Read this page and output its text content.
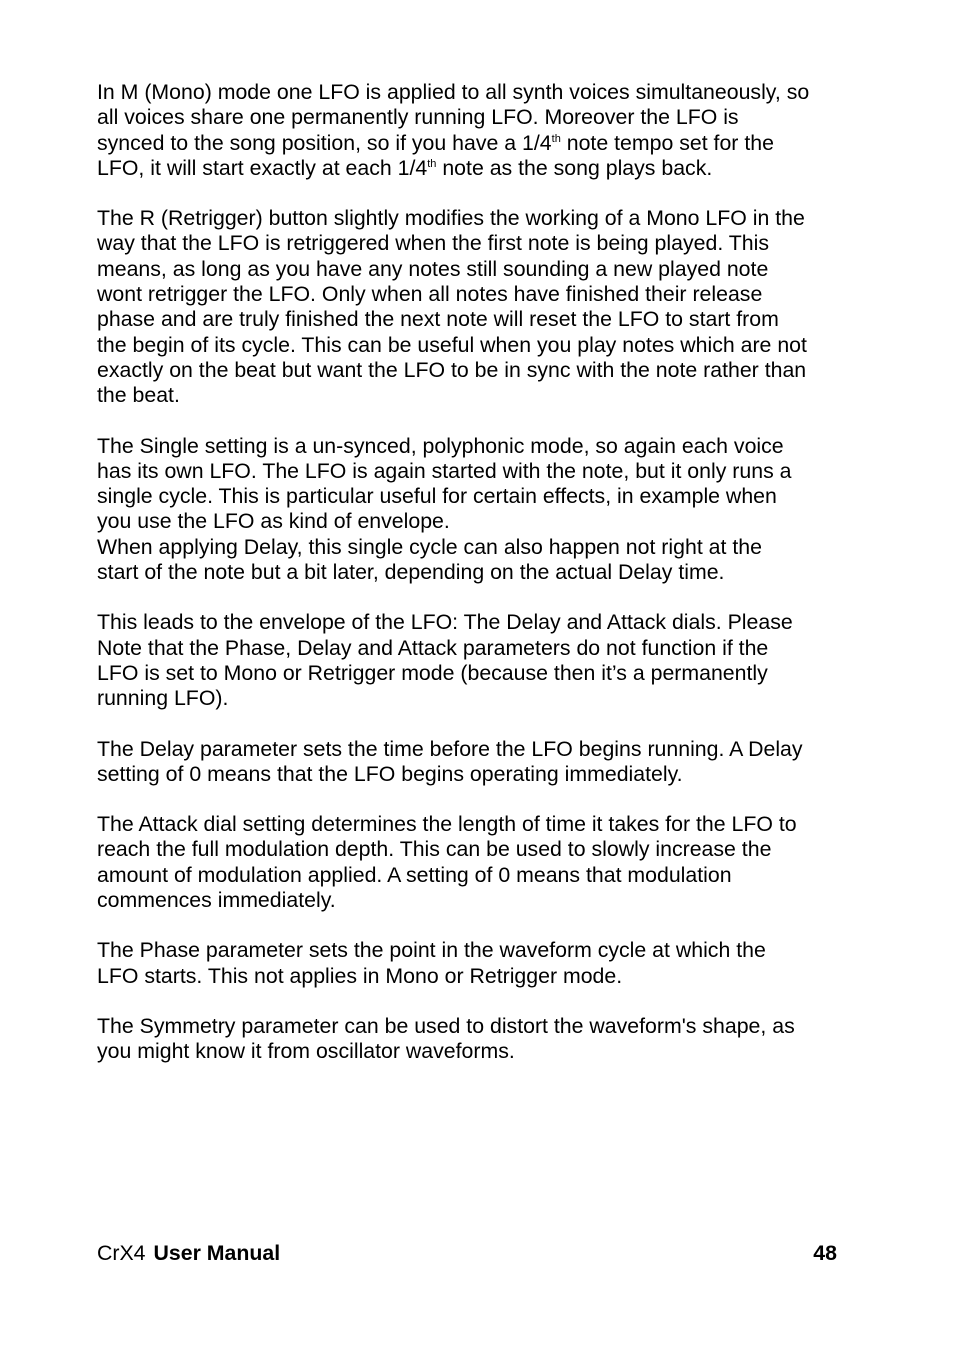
In M (Mono) mode one LFO is applied to all synth voices simultaneously, so
all voices share one permanently running LFO. Moreover the LFO is
synced to the song position, so if you have a 1/4th note tempo set for the
LFO, it will start exactly at each 1/4th note as the song plays back.

The R (Retrigger) button slightly modifies the working of a Mono LFO in the
way that the LFO is retriggered when the first note is being played. This
means, as long as you have any notes still sounding a new played note
wont retrigger the LFO. Only when all notes have finished their release
phase and are truly finished the next note will reset the LFO to start from
the begin of its cycle. This can be useful when you play notes which are not
exactly on the beat but want the LFO to be in sync with the note rather than
the beat.

The Single setting is a un-synced, polyphonic mode, so again each voice
has its own LFO. The LFO is again started with the note, but it only runs a
single cycle. This is particular useful for certain effects, in example when
you use the LFO as kind of envelope.
When applying Delay, this single cycle can also happen not right at the
start of the note but a bit later, depending on the actual Delay time.

This leads to the envelope of the LFO: The Delay and Attack dials. Please
Note that the Phase, Delay and Attack parameters do not function if the
LFO is set to Mono or Retrigger mode (because then it’s a permanently
running LFO).

The Delay parameter sets the time before the LFO begins running. A Delay
setting of 0 means that the LFO begins operating immediately.

The Attack dial setting determines the length of time it takes for the LFO to
reach the full modulation depth. This can be used to slowly increase the
amount of modulation applied. A setting of 0 means that modulation
commences immediately.

The Phase parameter sets the point in the waveform cycle at which the
LFO starts. This not applies in Mono or Retrigger mode.

The Symmetry parameter can be used to distort the waveform's shape, as
you might know it from oscillator waveforms.

CrX4 User Manual	48
